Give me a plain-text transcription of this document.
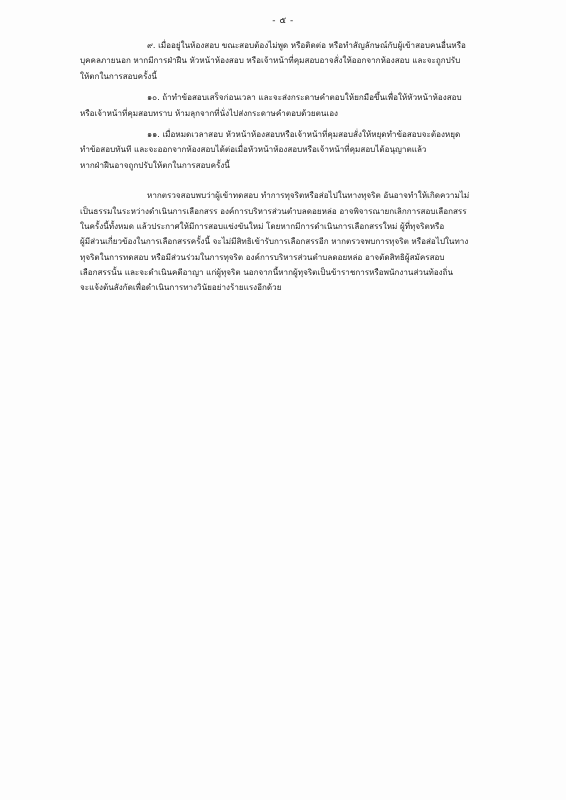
- ๕ -
๙. เมื่ออยู่ในห้องสอบ ขณะสอบต้องไม่พูด หรือติดต่อ หรือทำสัญลักษณ์กับผู้เข้าสอบคนอื่นหรือ
บุคคลภายนอก หากมีการฝ่าฝืน หัวหน้าห้องสอบ หรือเจ้าหน้าที่คุมสอบอาจสั่งให้ออกจากห้องสอบ และจะถูกปรับ
ให้ตกในการสอบครั้งนี้
๑๐. ถ้าทำข้อสอบเสร็จก่อนเวลา และจะส่งกระดาษคำตอบให้ยกมือขึ้นเพื่อให้หัวหน้าห้องสอบ
หรือเจ้าหน้าที่คุมสอบทราบ ห้ามลุกจากที่นั่งไปส่งกระดาษคำตอบด้วยตนเอง
๑๑. เมื่อหมดเวลาสอบ หัวหน้าห้องสอบหรือเจ้าหน้าที่คุมสอบสั่งให้หยุดทำข้อสอบจะต้องหยุด
ทำข้อสอบทันที และจะออกจากห้องสอบได้ต่อเมื่อหัวหน้าห้องสอบหรือเจ้าหน้าที่คุมสอบได้อนุญาตแล้ว
หากฝ่าฝืนอาจถูกปรับให้ตกในการสอบครั้งนี้
หากตรวจสอบพบว่าผู้เข้าทดสอบ ทำการทุจริตหรือส่อไปในทางทุจริต อันอาจทำให้เกิดความไม่
เป็นธรรมในระหว่างดำเนินการเลือกสรร องค์การบริหารส่วนตำบลดอยหล่อ อาจพิจารณายกเลิกการสอบเลือกสรร
ในครั้งนี้ทั้งหมด แล้วประกาศให้มีการสอบแข่งขันใหม่ โดยหากมีการดำเนินการเลือกสรรใหม่ ผู้ที่ทุจริตหรือ
ผู้มีส่วนเกี่ยวข้องในการเลือกสรรครั้งนี้ จะไม่มีสิทธิเข้ารับการเลือกสรรอีก หากตรวจพบการทุจริต หรือส่อไปในทาง
ทุจริตในการทดสอบ หรือมีส่วนร่วมในการทุจริต องค์การบริหารส่วนตำบลดอยหล่อ อาจตัดสิทธิผู้สมัครสอบ
เลือกสรรนั้น และจะดำเนินคดีอาญา แก่ผู้ทุจริต นอกจากนี้หากผู้ทุจริตเป็นข้าราชการหรือพนักงานส่วนท้องถิ่น
จะแจ้งต้นสังกัดเพื่อดำเนินการทางวินัยอย่างร้ายแรงอีกด้วย
